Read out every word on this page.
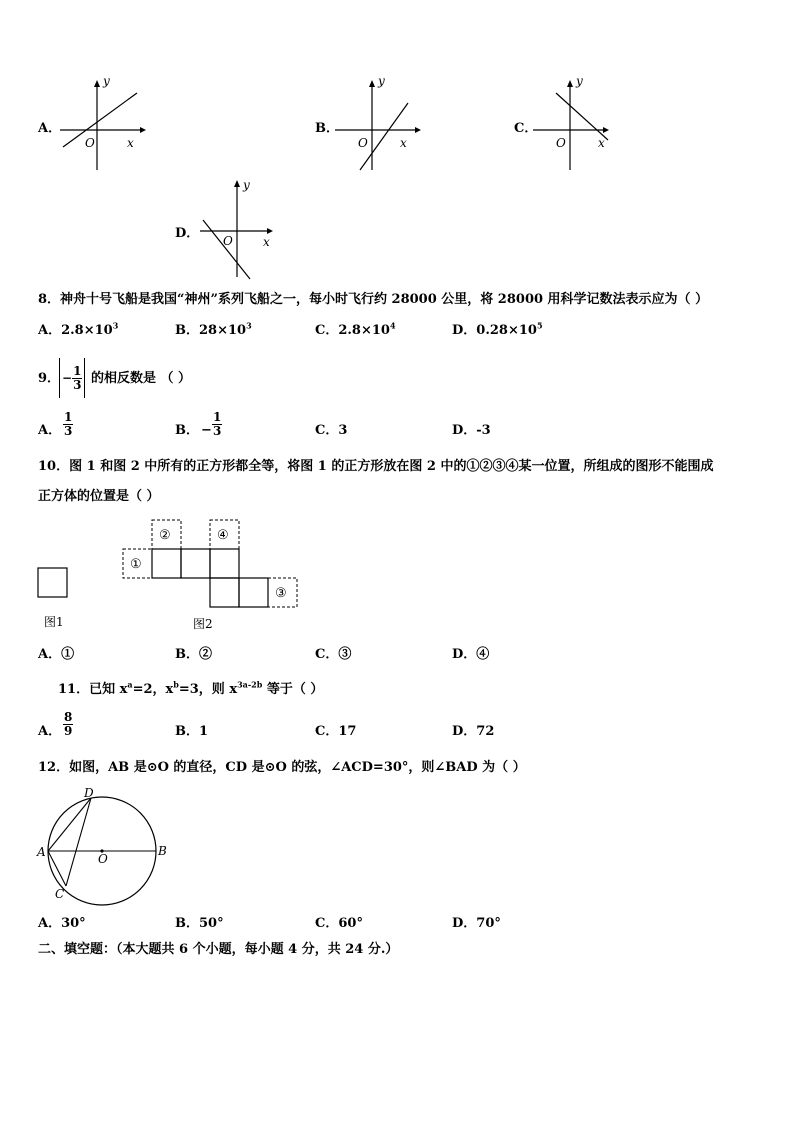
A．
y
x
O
B．
y
x
O
C．
y
x
O
D．
y
x
O
8．神舟十号飞船是我国“神州”系列飞船之一，每小时飞行约 28000 公里，将 28000 用科学记数法表示应为（ ）
A．$2.8\times 10^3$	B．$28\times 10^3$	C．$2.8\times 10^4$	D．$0.28\times 10^5$
9． − $\frac{1}{3}$ 的相反数是 （ ）
A． $\frac{1}{3}$	B． − $\frac{1}{3}$	C．3	D．-3
10．图 1 和图 2 中所有的正方形都全等，将图 1 的正方形放在图 2 中的①②③④某一位置，所组成的图形不能围成
正方体的位置是（ ）
图1
①
②
③
④
图2
A．①	B．②	C．③	D．④
11．已知 $x^a=2$，$x^b=3$，则 $x^{3a-2b}$ 等于（ ）
A． $\frac{8}{9}$	B．1	C．17	D．72
12．如图，AB 是⊙O 的直径，CD 是⊙O 的弦，∠ACD=30°，则∠BAD 为（ ）
A	B
C
D
O
A．30°	B．50°	C．60°	D．70°
二、填空题：（本大题共 6 个小题，每小题 4 分，共 24 分.）
